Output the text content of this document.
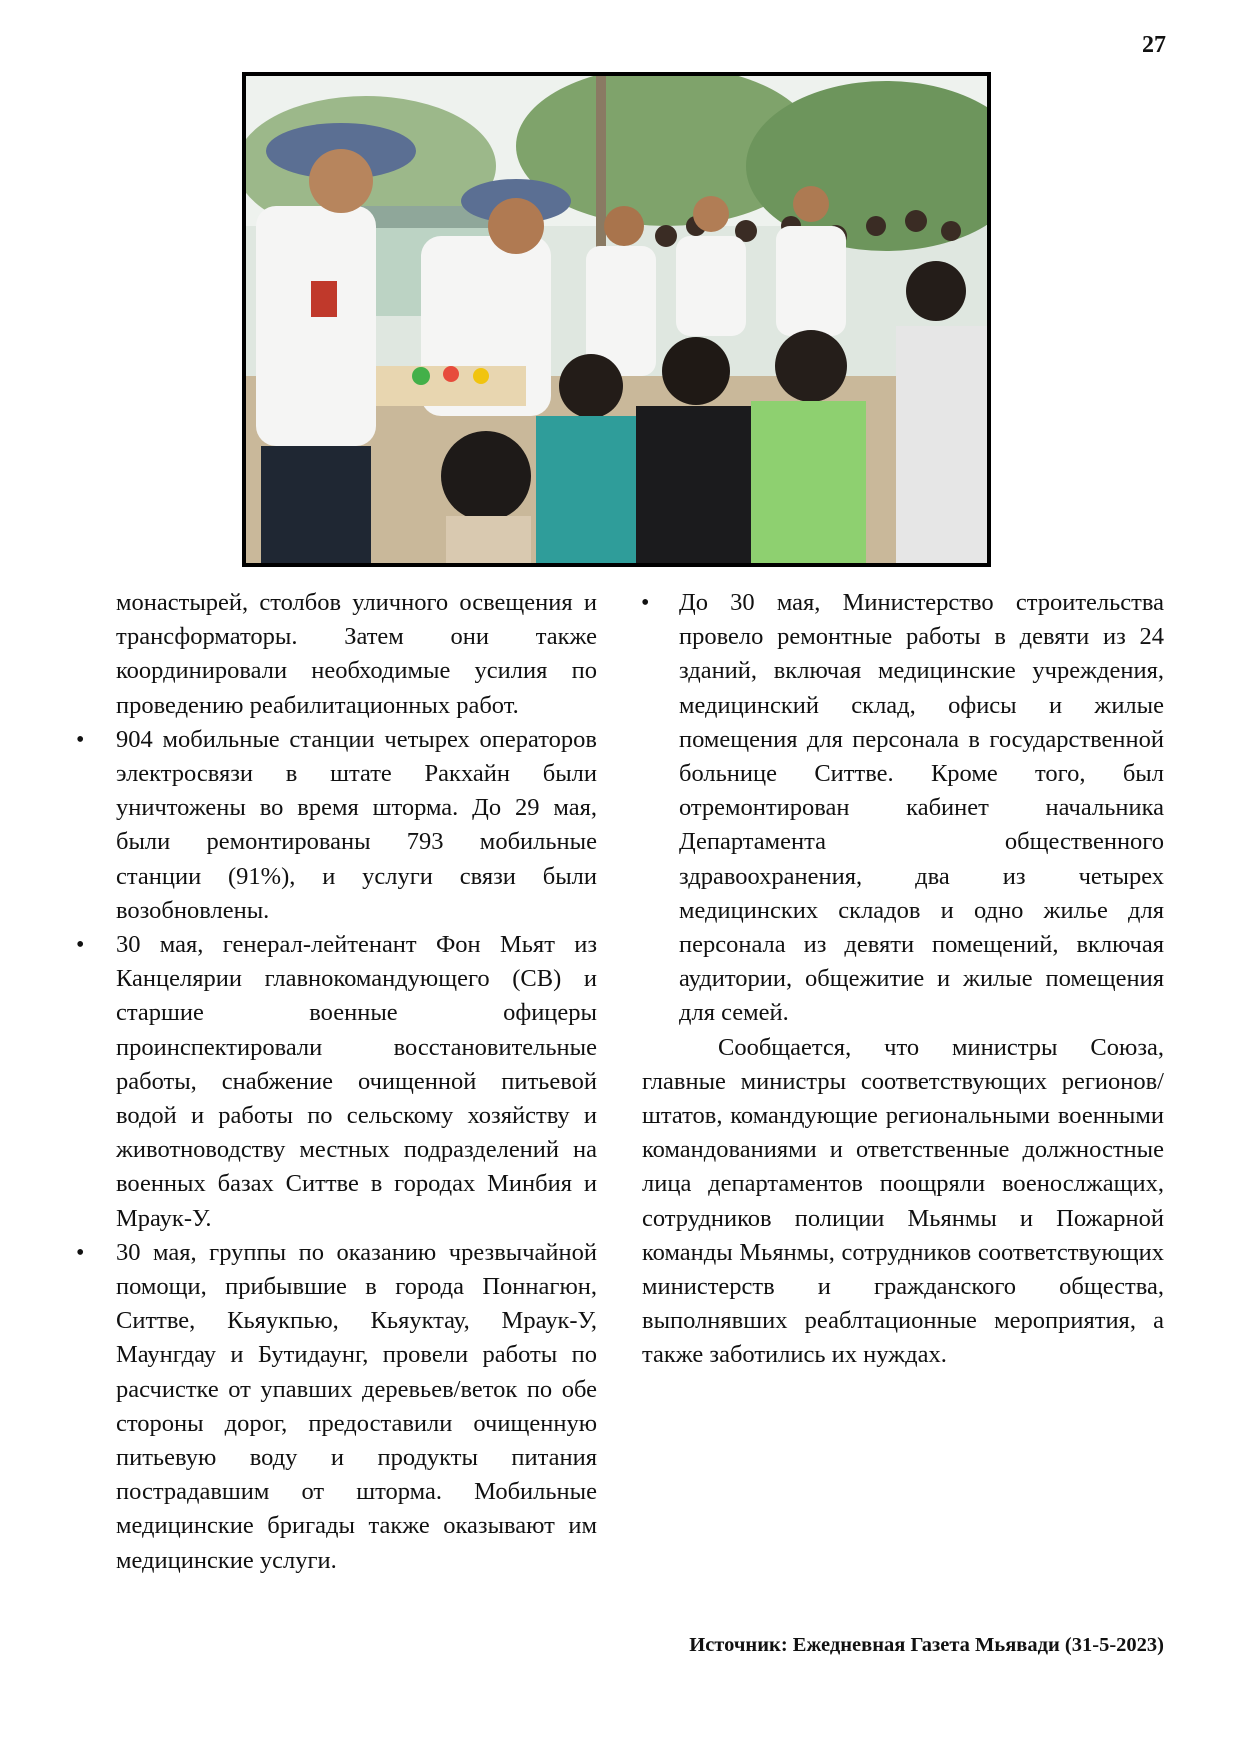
27

монастырей, столбов уличного освещения и трансформаторы. Затем они также координировали необходимые усилия по проведению реабилитационных работ.

• 904 мобильные станции четырех операторов электросвязи в штате Ракхайн были уничтожены во время шторма. До 29 мая, были ремонтированы 793 мобильные станции (91%), и услуги связи были возобновлены.

• 30 мая, генерал-лейтенант Фон Мьят из Канцелярии главнокомандующего (СВ) и старшие военные офицеры проинспектировали восстановительные работы, снабжение очищенной питьевой водой и работы по сельскому хозяйству и животноводству местных подразделений на военных базах Ситтве в городах Минбия и Мраук-У.

• 30 мая, группы по оказанию чрезвычайной помощи, прибывшие в города Поннагюн, Ситтве, Кьяукпью, Кьяуктау, Мраук-У, Маунгдау и Бутидаунг, провели работы по расчистке от упавших деревьев/веток по обе стороны дорог, предоставили очищенную питьевую воду и продукты питания пострадавшим от шторма. Мобильные медицинские бригады также оказывают им медицинские услуги.

• До 30 мая, Министерство строительства провело ремонтные работы в девяти из 24 зданий, включая медицинские учреждения, медицинский склад, офисы и жилые помещения для персонала в государственной больнице Ситтве. Кроме того, был отремонтирован кабинет начальника Департамента общественного здравоохранения, два из четырех медицинских складов и одно жилье для персонала из девяти помещений, включая аудитории, общежитие и жилые помещения для семей.

Сообщается, что министры Союза, главные министры соответствующих регионов/штатов, командующие региональными военными командованиями и ответственные должностные лица департаментов поощряли военослжащих, сотрудников полиции Мьянмы и Пожарной команды Мьянмы, сотрудников соответствующих министерств и гражданского общества, выполнявших реаблтационные мероприятия, а также заботились их нуждах.

Источник: Ежедневная Газета Мьявади (31-5-2023)
